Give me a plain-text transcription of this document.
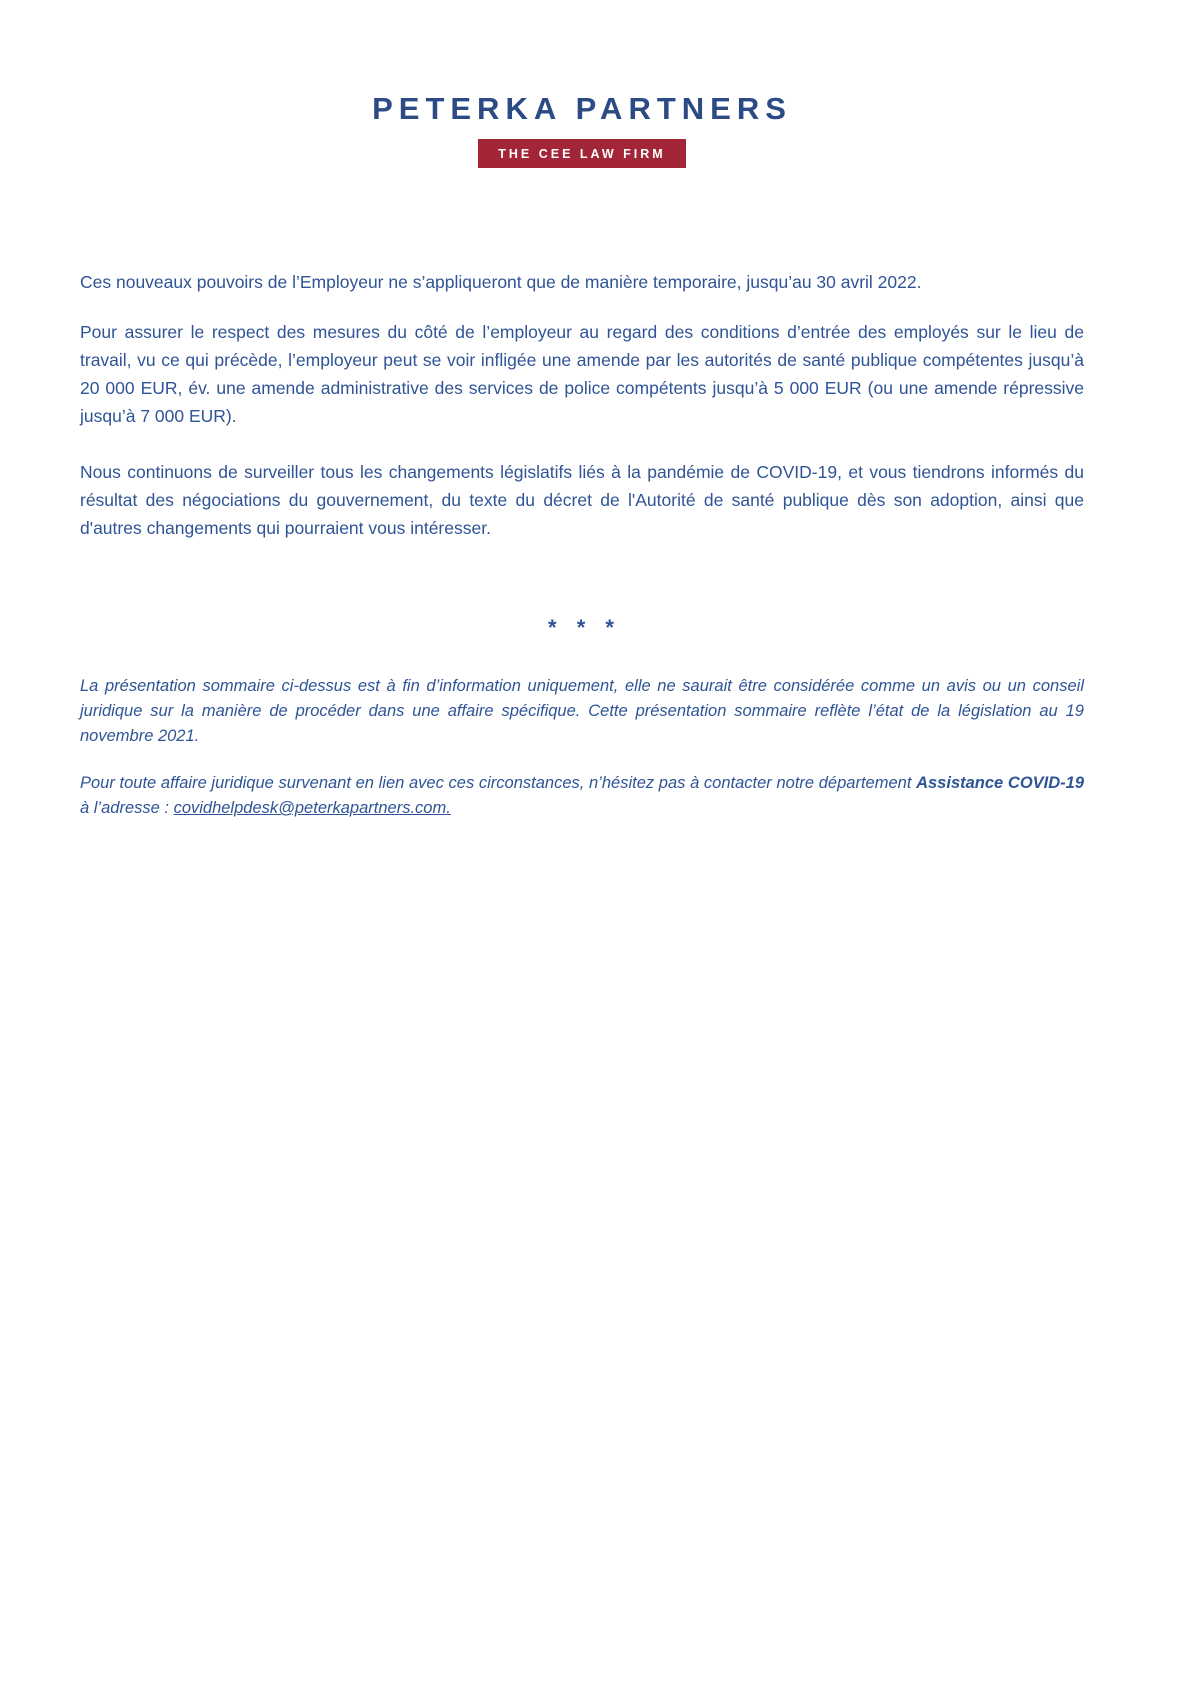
PETERKA PARTNERS
THE CEE LAW FIRM

Ces nouveaux pouvoirs de l’Employeur ne s’appliqueront que de manière temporaire, jusqu’au 30 avril 2022.

Pour assurer le respect des mesures du côté de l’employeur au regard des conditions d’entrée des employés sur le lieu de travail, vu ce qui précède, l’employeur peut se voir infligée une amende par les autorités de santé publique compétentes jusqu’à 20 000 EUR, év. une amende administrative des services de police compétents jusqu’à 5 000 EUR (ou une amende répressive jusqu’à 7 000 EUR).

Nous continuons de surveiller tous les changements législatifs liés à la pandémie de COVID-19, et vous tiendrons informés du résultat des négociations du gouvernement, du texte du décret de l'Autorité de santé publique dès son adoption, ainsi que d'autres changements qui pourraient vous intéresser.

* * *

La présentation sommaire ci-dessus est à fin d’information uniquement, elle ne saurait être considérée comme un avis ou un conseil juridique sur la manière de procéder dans une affaire spécifique. Cette présentation sommaire reflète l’état de la législation au 19 novembre 2021.

Pour toute affaire juridique survenant en lien avec ces circonstances, n’hésitez pas à contacter notre département Assistance COVID-19 à l’adresse : covidhelpdesk@peterkapartners.com.
